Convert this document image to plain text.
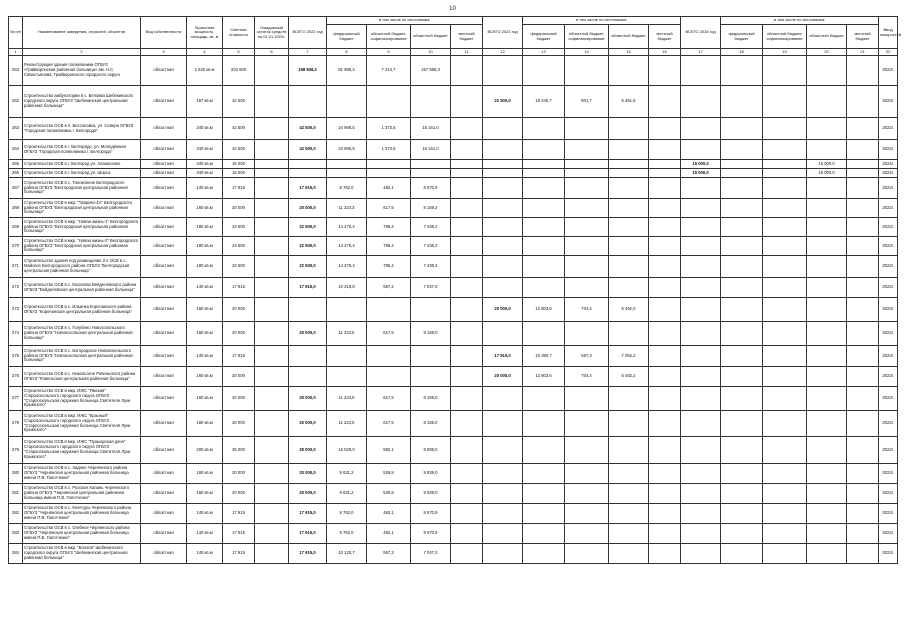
10
№ п/п	Наименование заведения, отраслей, объектов	Вид собственности	Проектная мощность, площадь, кв. м	Сметная стоимость	Ожидаемый остаток средств на 01.01.2022г.	ВСЕГО 2022 год	в том числе по источникам:				ВСЕГО 2023 год	в том числе по источникам:				ВСЕГО 2024 год	в том числе по источникам:				Ввод мощностей
							федеральный бюджет	областной бюджет, софинансирование	областной бюджет	местный бюджет		федеральный бюджет	областной бюджет, софинансирование	областной бюджет	местный бюджет		федеральный бюджет	областной бюджет, софинансирование	областной бюджет	местный бюджет	
1	2	3	4	5	6	7	8	9	10	11	12	13	14	15	16	17	18	19	20	21	22
263	Реконструкция здания поликлиники ОГБУЗ «Грайворонская районная больница» им. Н.С. Севастьянова, Грайворонского городского округа	областная	1 620 кв.м	204 500		188 508,2	81 995,2	7 314,7	157 598,3												2022г.
262	Строительство амбулатории в с. Беловка Шебекинского городского округа ОГБУЗ "Шебекинская центральная районная больница"	областная	187 кв.м	32 500							22 500,0	16 245,7	801,7	5 451,6							2023г.
263	Строительство ОСВ в п. Бессоновка, ул. Севера ОГБУЗ "Городская поликлиника г. Белгорода"	областная	340 кв.м	42 500		42 500,0	24 968,5	1 373,5	16 161,0												2022г.
264	Строительство ОСВ в г. Белгороде, ул. Молодёжная ОГБУЗ "Городская поликлиника г. Белгорода"	областная	340 кв.м	42 500		42 500,0	24 965,5	1 373,5	16 161,0												2022г.
265	Строительство ОСВ в г. Белгород ул. Апанасенко	областная	340 кв.м	15 000												15 000,0			15 000,0		2024г.
266	Строительство ОСВ в г. Белгород ул. Шорса	областная	340 кв.м	15 000												15 000,0			15 000,0		2024г.
267	Строительство ОСВ в с. Толоконное Белгородского района ОГБУЗ "Белгородская центральная районная больница"	областная	140 кв.м	17 915		17 915,0	8 762,0	482,1	8 670,9												2022г.
268	Строительство ОСВ в мкр. "Таврово-4А" Белгородского района ОГБУЗ "Белгородская центральная районная больница"	областная	160 кв.м	20 000		20 000,0	11 223,3	617,5	8 159,2												2022г.
269	Строительство ОСВ в мкр. "Новая жизнь-1" Белгородского района ОГБУЗ "Белгородская центральная районная больница"	областная	180 кв.м	22 500		22 500,0	14 276,4	785,4	7 438,2												2022г.
270	Строительство ОСВ в мкр. "Новая жизнь-2" Белгородского района ОГБУЗ "Белгородская центральная районная больница"	областная	180 кв.м	22 500		22 500,0	14 276,4	785,4	7 438,2												2022г.
271	Строительство здания под размещение 2-х ОСВ в с. Майское Белгородского района ОГБУЗ "Белгородская центральная районная больница"	областная	180 кв.м	22 500		22 500,0	14 276,4	785,4	7 438,2												2022г.
272	Строительство ОСВ в с. Косилово Вейделевского района ОГБУЗ "Вейделевская центральная районная больница"	областная	140 кв.м	17 915		17 915,0	10 318,8	567,2	7 047,0												2022г.
273	Строительство ОСВ в с. Ильинка Корочанского района ОГБУЗ "Корочанская центральная районная больница"	областная	160 кв.м	20 000							20 000,0	12 803,6	704,4	6 492,0							2023г.
274	Строительство ОСВ в с. Голубино Новооскольского района ОГБУЗ "Новооскольская центральная районная больница"	областная	160 кв.м	20 000		20 000,0	11 223,5	617,5	8 159,0												2022г.
275	Строительство ОСВ в с. Богородское Новооскольского района ОГБУЗ "Новооскольская центральная районная больница"	областная	140 кв.м	17 915							17 915,0	10 380,7	567,3	7 052,2							2023г.
276	Строительство ОСВ в с. Никольское Ровеньского района ОГБУЗ "Ровеньская центральная районная больница"	областная	160 кв.м	20 000							20 000,0	12 803,6	704,4	6 492,2							2023г.
277	Строительство ОСВ в мкр. ИЖС "Ямская" Старооскольского городского округа ОГБУЗ "Старооскольская окружная больница Святителя Луки Крымского"	областная	160 кв.м	20 000		20 000,0	11 223,5	617,5	8 159,0												2022г.
278	Строительство ОСВ в мкр. ИЖС "Красный" Старооскольского городского округа ОГБУЗ "Старооскольская окружная больница Святителя Луки Крымского"	областная	160 кв.м	20 000		20 000,0	11 223,5	617,5	8 159,0												2022г.
279	Строительство ОСВ в мкр. ИЖС "Пушкарская дача" Старооскольского городского округа ОГБУЗ "Старооскольская окружная больница Святителя Луки Крымского"	областная	200 кв.м	25 000		25 000,0	16 029,0	882,1	8 089,0												2022г.
280	Строительство ОСВ в с. Заднее Чернянского района ОГБУЗ "Чернянская центральная районная больница имени П.В. Гапотченко"	областная	160 кв.м	20 000		20 000,0	9 631,2	528,8	9 839,0												2022г.
281	Строительство ОСВ в с. Русская Халань Чернянского района ОГБУЗ "Чернянская центральная районная больница имени П.В. Гапотченко"	областная	160 кв.м	20 000		20 000,0	9 631,2	528,8	9 839,0												2022г.
282	Строительство ОСВ в с. Кочегуры Чернянского района ОГБУЗ "Чернянская центральная районная больница имени П.В. Гапотченко"	областная	140 кв.м	17 915		17 915,0	8 762,0	482,1	8 670,9												2022г.
283	Строительство ОСВ в с. Огибное Чернянского района ОГБУЗ "Чернянская центральная районная больница имени П.В. Гапотченко"	областная	140 кв.м	17 915		17 915,0	8 762,0	482,1	8 670,9												2022г.
284	Строительство ОСВ в мкр. "Болхов" Шебекинского городского округа ОГБУЗ "Шебекинская центральная районная больница"	областная	140 кв.м	17 915		17 915,0	10 120,7	567,3	7 047,0												2022г.
